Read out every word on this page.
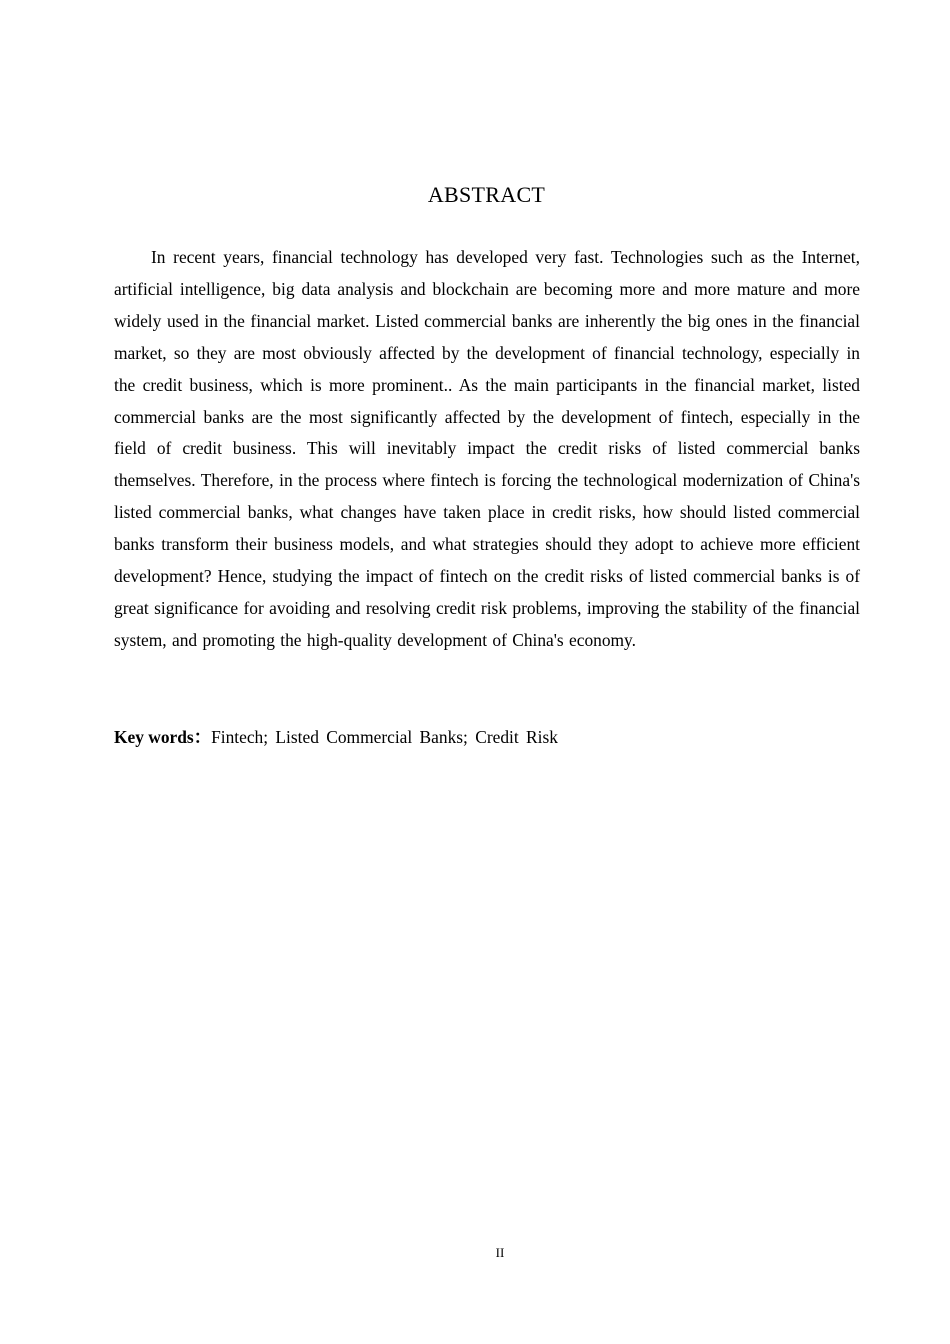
ABSTRACT

In recent years, financial technology has developed very fast. Technologies such as the Internet, artificial intelligence, big data analysis and blockchain are becoming more and more mature and more widely used in the financial market. Listed commercial banks are inherently the big ones in the financial market, so they are most obviously affected by the development of financial technology, especially in the credit business, which is more prominent.. As the main participants in the financial market, listed commercial banks are the most significantly affected by the development of fintech, especially in the field of credit business. This will inevitably impact the credit risks of listed commercial banks themselves. Therefore, in the process where fintech is forcing the technological modernization of China's listed commercial banks, what changes have taken place in credit risks, how should listed commercial banks transform their business models, and what strategies should they adopt to achieve more efficient development? Hence, studying the impact of fintech on the credit risks of listed commercial banks is of great significance for avoiding and resolving credit risk problems, improving the stability of the financial system, and promoting the high-quality development of China's economy.

Key words：Fintech; Listed Commercial Banks; Credit Risk
II
